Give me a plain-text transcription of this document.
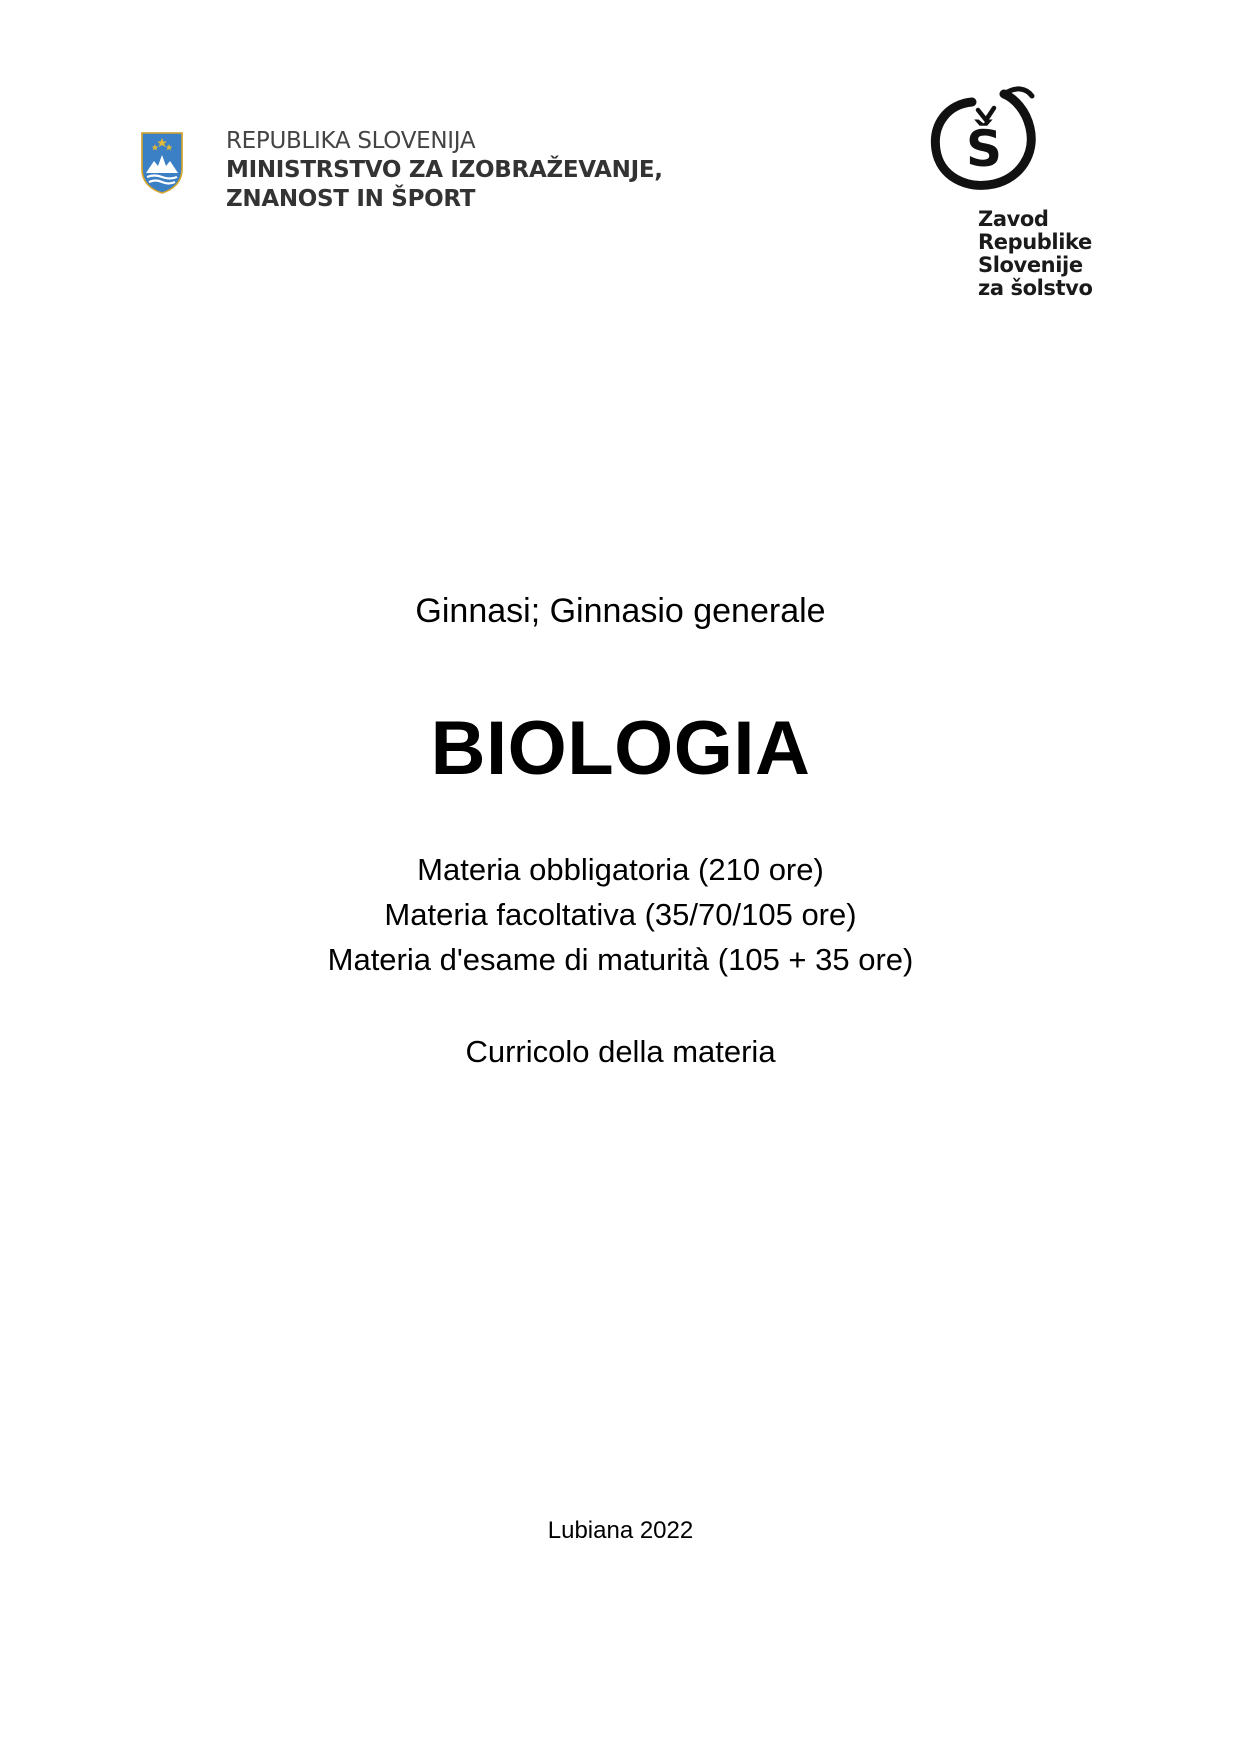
REPUBLIKA SLOVENIJA
MINISTRSTVO ZA IZOBRAŽEVANJE,
ZNANOST IN ŠPORT
Š
Zavod
Republike
Slovenije
za šolstvo
Ginnasi; Ginnasio generale
BIOLOGIA
Materia obbligatoria (210 ore)
Materia facoltativa (35/70/105 ore)
Materia d'esame di maturità (105 + 35 ore)
Curricolo della materia
Lubiana 2022
